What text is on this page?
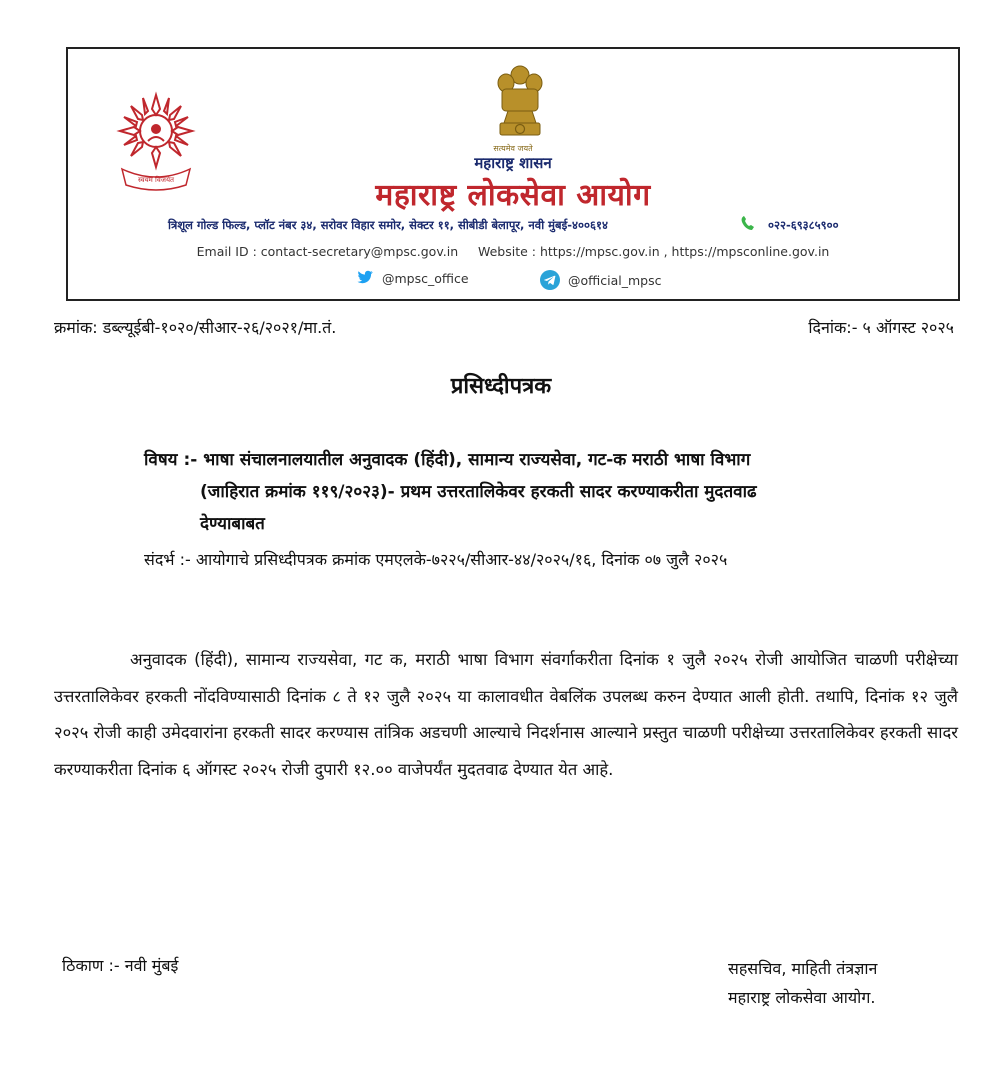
स्वयंम विजयेत
सत्यमेव जयते
महाराष्ट्र शासन
महाराष्ट्र लोकसेवा आयोग
त्रिशूल गोल्ड फिल्ड, प्लॉट नंबर ३४, सरोवर विहार समोर, सेक्टर ११, सीबीडी बेलापूर, नवी मुंबई-४००६१४	०२२-६९३८५९००
Email ID : contact-secretary@mpsc.gov.in     Website : https://mpsc.gov.in , https://mpsconline.gov.in
@mpsc_office	@official_mpsc
क्रमांक: डब्ल्यूईबी-१०२०/सीआर-२६/२०२१/मा.तं.	दिनांक:- ५ ऑगस्ट २०२५
प्रसिध्दीपत्रक
विषय :- भाषा संचालनालयातील अनुवादक (हिंदी), सामान्य राज्यसेवा, गट-क मराठी भाषा विभाग
(जाहिरात क्रमांक ११९/२०२३)- प्रथम उत्तरतालिकेवर हरकती सादर करण्याकरीता मुदतवाढ
देण्याबाबत
संदर्भ :- आयोगाचे प्रसिध्दीपत्रक क्रमांक एमएलके-७२२५/सीआर-४४/२०२५/१६, दिनांक ०७ जुलै २०२५
अनुवादक (हिंदी), सामान्य राज्यसेवा, गट क, मराठी भाषा विभाग संवर्गाकरीता दिनांक १ जुलै २०२५ रोजी आयोजित चाळणी परीक्षेच्या उत्तरतालिकेवर हरकती नोंदविण्यासाठी दिनांक ८ ते १२ जुलै २०२५ या कालावधीत वेबलिंक उपलब्ध करुन देण्यात आली होती. तथापि, दिनांक १२ जुलै २०२५ रोजी काही उमेदवारांना हरकती सादर करण्यास तांत्रिक अडचणी आल्याचे निदर्शनास आल्याने प्रस्तुत चाळणी परीक्षेच्या उत्तरतालिकेवर हरकती सादर करण्याकरीता दिनांक ६ ऑगस्ट २०२५ रोजी दुपारी १२.०० वाजेपर्यंत मुदतवाढ देण्यात येत आहे.
ठिकाण :- नवी मुंबई	सहसचिव, माहिती तंत्रज्ञान
महाराष्ट्र लोकसेवा आयोग.
